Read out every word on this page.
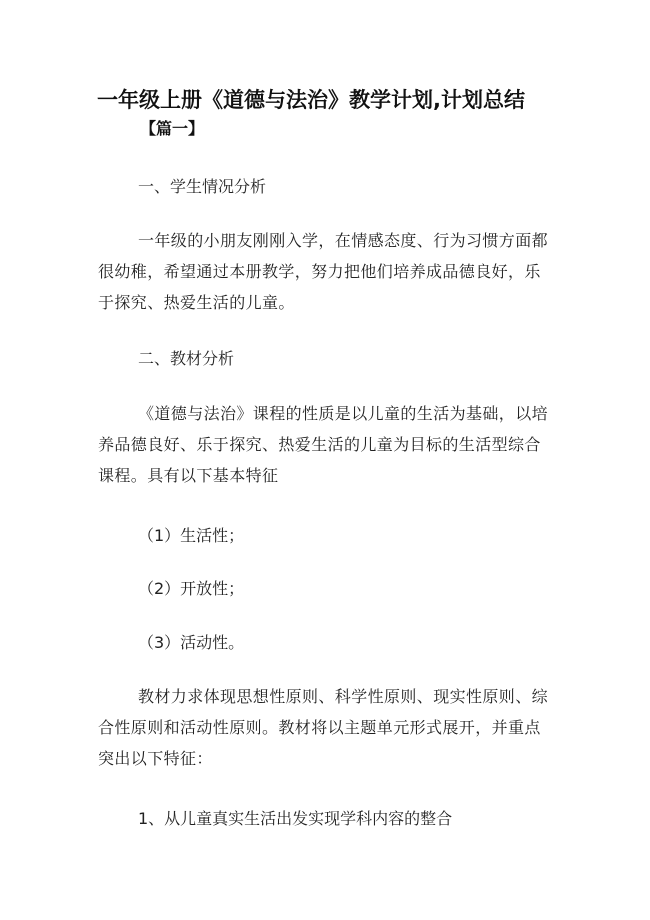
一年级上册《道德与法治》教学计划,计划总结
【篇一】
一、学生情况分析
一年级的小朋友刚刚入学，在情感态度、行为习惯方面都很幼稚，希望通过本册教学，努力把他们培养成品德良好，乐于探究、热爱生活的儿童。
二、教材分析
《道德与法治》课程的性质是以儿童的生活为基础，以培养品德良好、乐于探究、热爱生活的儿童为目标的生活型综合课程。具有以下基本特征
（1）生活性；
（2）开放性；
（3）活动性。
教材力求体现思想性原则、科学性原则、现实性原则、综合性原则和活动性原则。教材将以主题单元形式展开，并重点突出以下特征：
1、从儿童真实生活出发实现学科内容的整合
